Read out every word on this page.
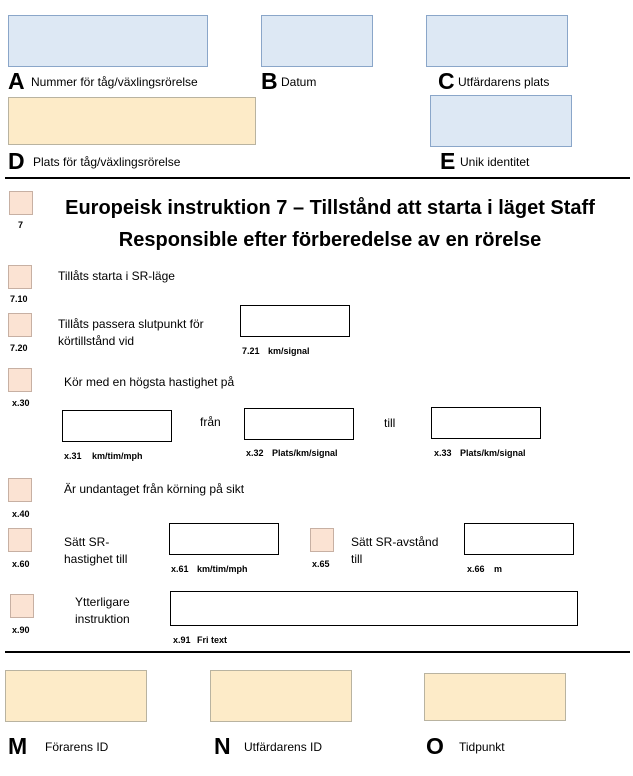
A Nummer för tåg/växlingsrörelse	B Datum	C Utfärdarens plats
D Plats för tåg/växlingsrörelse	E Unik identitet
7
Europeisk instruktion 7 – Tillstånd att starta i läget Staff
Responsible efter förberedelse av en rörelse
7.10
Tillåts starta i SR-läge
7.20
Tillåts passera slutpunkt för
körtillstånd vid
7.21 km/signal
x.30
Kör med en högsta hastighet på
x.31 km/tim/mph
från
x.32 Plats/km/signal
till
x.33 Plats/km/signal
x.40
Är undantaget från körning på sikt
x.60
Sätt SR-
hastighet till
x.61 km/tim/mph	x.65
Sätt SR-avstånd
till
x.66 m
x.90
Ytterligare
instruktion
x.91 Fri text
M Förarens ID	N Utfärdarens ID	O Tidpunkt
